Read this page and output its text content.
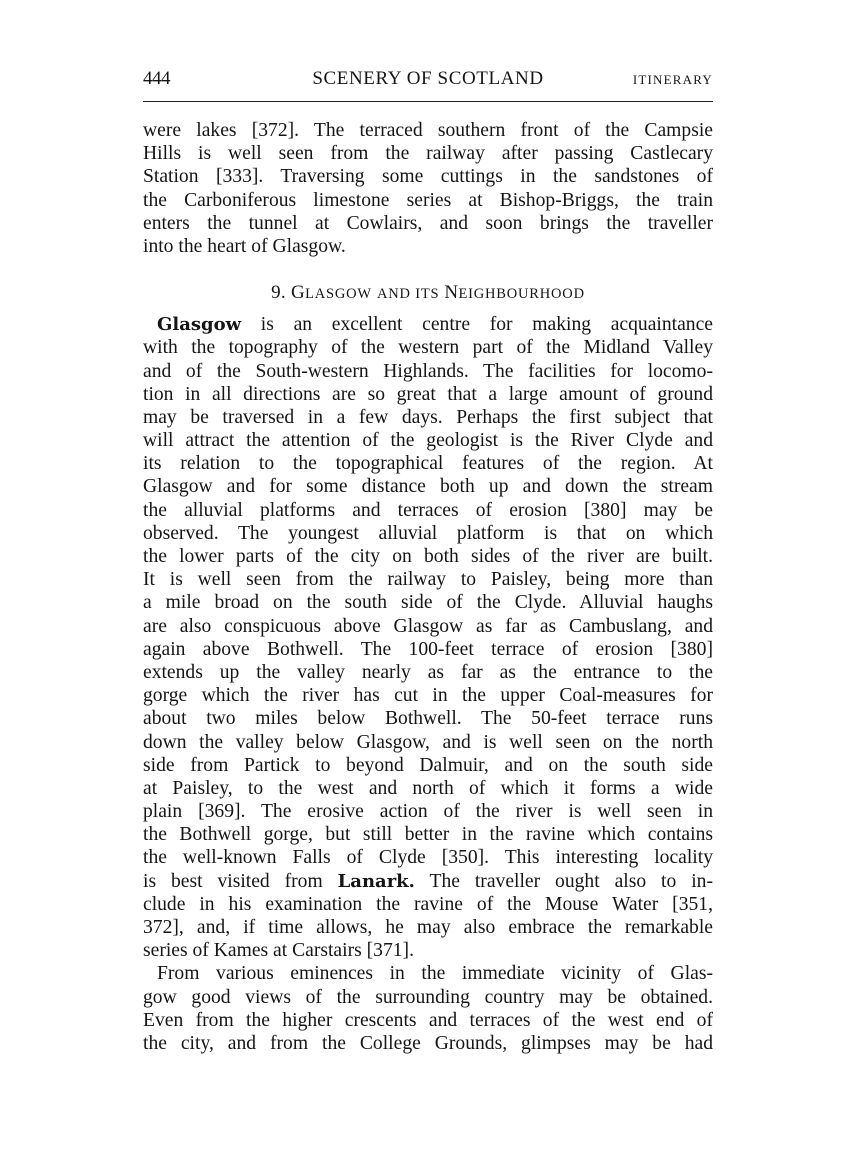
444	SCENERY OF SCOTLAND	ITINERARY
were lakes [372]. The terraced southern front of the Campsie
Hills is well seen from the railway after passing Castlecary
Station [333]. Traversing some cuttings in the sandstones of
the Carboniferous limestone series at Bishop-Briggs, the train
enters the tunnel at Cowlairs, and soon brings the traveller
into the heart of Glasgow.
9. GLASGOW AND ITS NEIGHBOURHOOD
Glasgow is an excellent centre for making acquaintance
with the topography of the western part of the Midland Valley
and of the South-western Highlands. The facilities for locomo-
tion in all directions are so great that a large amount of ground
may be traversed in a few days. Perhaps the first subject that
will attract the attention of the geologist is the River Clyde and
its relation to the topographical features of the region. At
Glasgow and for some distance both up and down the stream
the alluvial platforms and terraces of erosion [380] may be
observed. The youngest alluvial platform is that on which
the lower parts of the city on both sides of the river are built.
It is well seen from the railway to Paisley, being more than
a mile broad on the south side of the Clyde. Alluvial haughs
are also conspicuous above Glasgow as far as Cambuslang, and
again above Bothwell. The 100-feet terrace of erosion [380]
extends up the valley nearly as far as the entrance to the
gorge which the river has cut in the upper Coal-measures for
about two miles below Bothwell. The 50-feet terrace runs
down the valley below Glasgow, and is well seen on the north
side from Partick to beyond Dalmuir, and on the south side
at Paisley, to the west and north of which it forms a wide
plain [369]. The erosive action of the river is well seen in
the Bothwell gorge, but still better in the ravine which contains
the well-known Falls of Clyde [350]. This interesting locality
is best visited from Lanark. The traveller ought also to in-
clude in his examination the ravine of the Mouse Water [351,
372], and, if time allows, he may also embrace the remarkable
series of Kames at Carstairs [371].
From various eminences in the immediate vicinity of Glas-
gow good views of the surrounding country may be obtained.
Even from the higher crescents and terraces of the west end of
the city, and from the College Grounds, glimpses may be had
